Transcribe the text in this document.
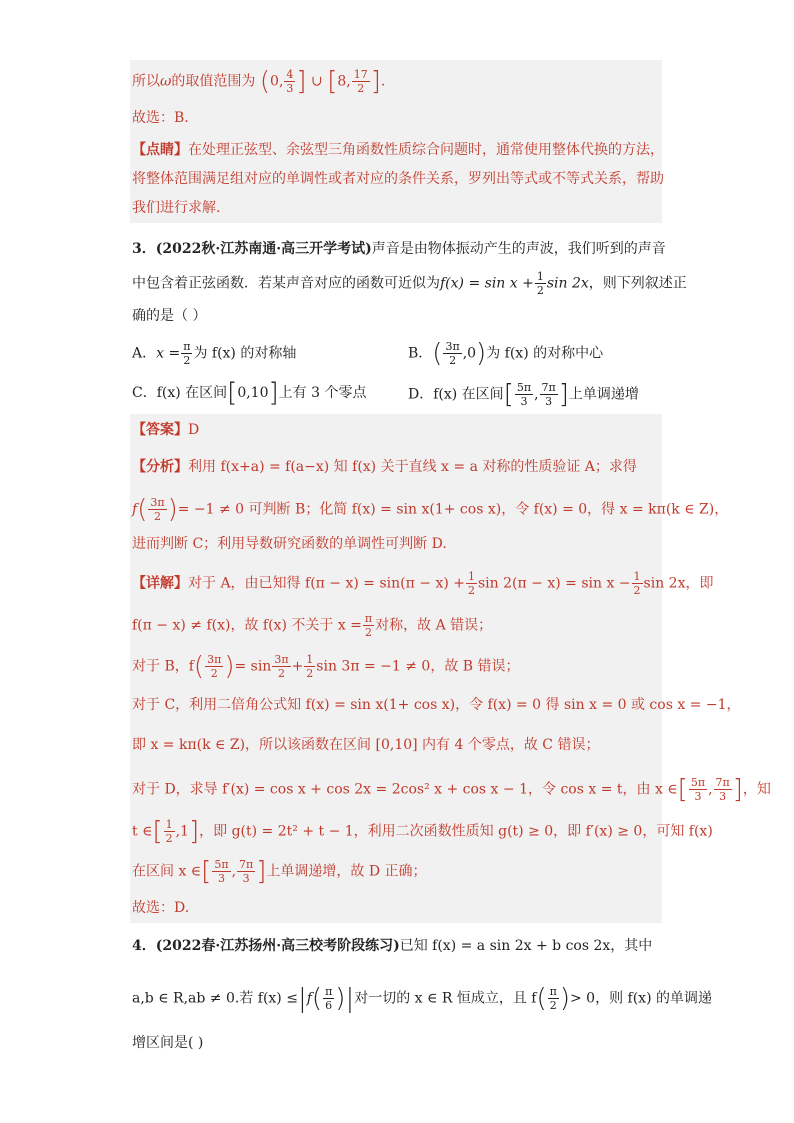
所以ω的取值范围为 (0, $\frac{4}{3}$ ] ∪ [8, $\frac{17}{2}$ ].
故选：B.
【点睛】在处理正弦型、余弦型三角函数性质综合问题时，通常使用整体代换的方法，
将整体范围满足组对应的单调性或者对应的条件关系，罗列出等式或不等式关系，帮助
我们进行求解.
3．(2022秋·江苏南通·高三开学考试)声音是由物体振动产生的声波，我们听到的声音
中包含着正弦函数．若某声音对应的函数可近似为$f(x) = \sin x + \frac{1}{2}$ sin 2x，则下列叙述正
确的是（ ）
A．$x = \frac{\pi}{2}$ 为 f(x) 的对称轴	B．( $\frac{3\pi}{2} ,0$)为 f(x) 的对称中心
C．f(x) 在区间[0,10]上有 3 个零点	D．f(x) 在区间[ $\frac{5\pi}{3}$ , $\frac{7\pi}{3}$ ]上单调递增
【答案】D
【分析】利用 f(x+a) = f(a−x) 知 f(x) 关于直线 x = a 对称的性质验证 A；求得
$f( \frac{3\pi}{2}$ )= −1 ≠ 0 可判断 B；化简 f(x) = sin x(1+ cos x)，令 f(x) = 0，得 x = kπ(k ∈ Z)，
进而判断 C；利用导数研究函数的单调性可判断 D.
【详解】对于 A，由已知得 $f(\pi - x) = \sin(\pi - x) + \frac{1}{2}$ $\sin 2(\pi - x) = \sin x - \frac{1}{2}$ sin 2x，即
f(π − x) ≠ f(x)，故 f(x) 不关于 $x = \frac{\pi}{2}$ 对称，故 A 错误；
对于 B，$f( \frac{3\pi}{2}$ )= $\sin \frac{3\pi}{2} + \frac{1}{2}$ sin 3π = −1 ≠ 0，故 B 错误；
对于 C，利用二倍角公式知 f(x) = sin x(1+ cos x)，令 f(x) = 0 得 sin x = 0 或 cos x = −1，
即 x = kπ(k ∈ Z)，所以该函数在区间 [0,10] 内有 4 个零点，故 C 错误；
对于 D，求导 f′(x) = cos x + cos 2x = 2cos² x + cos x − 1，令 cos x = t，由 x ∈[ $\frac{5\pi}{3}$ , $\frac{7\pi}{3}$ ]，知
t ∈[ $\frac{1}{2} ,1$]，即 g(t) = 2t² + t − 1，利用二次函数性质知 g(t) ≥ 0，即 f′(x) ≥ 0，可知 f(x)
在区间 x ∈[ $\frac{5\pi}{3}$ , $\frac{7\pi}{3}$ ]上单调递增，故 D 正确；
故选：D.
4．(2022春·江苏扬州·高三校考阶段练习)已知 f(x) = a sin 2x + b cos 2x，其中
a,b ∈ R,ab ≠ 0.若 $f(x) \le|f( \frac{\pi}{6}$ )|对一切的 x ∈ R 恒成立，且 $f( \frac{\pi}{2}$ )> 0，则 f(x) 的单调递
增区间是( )
